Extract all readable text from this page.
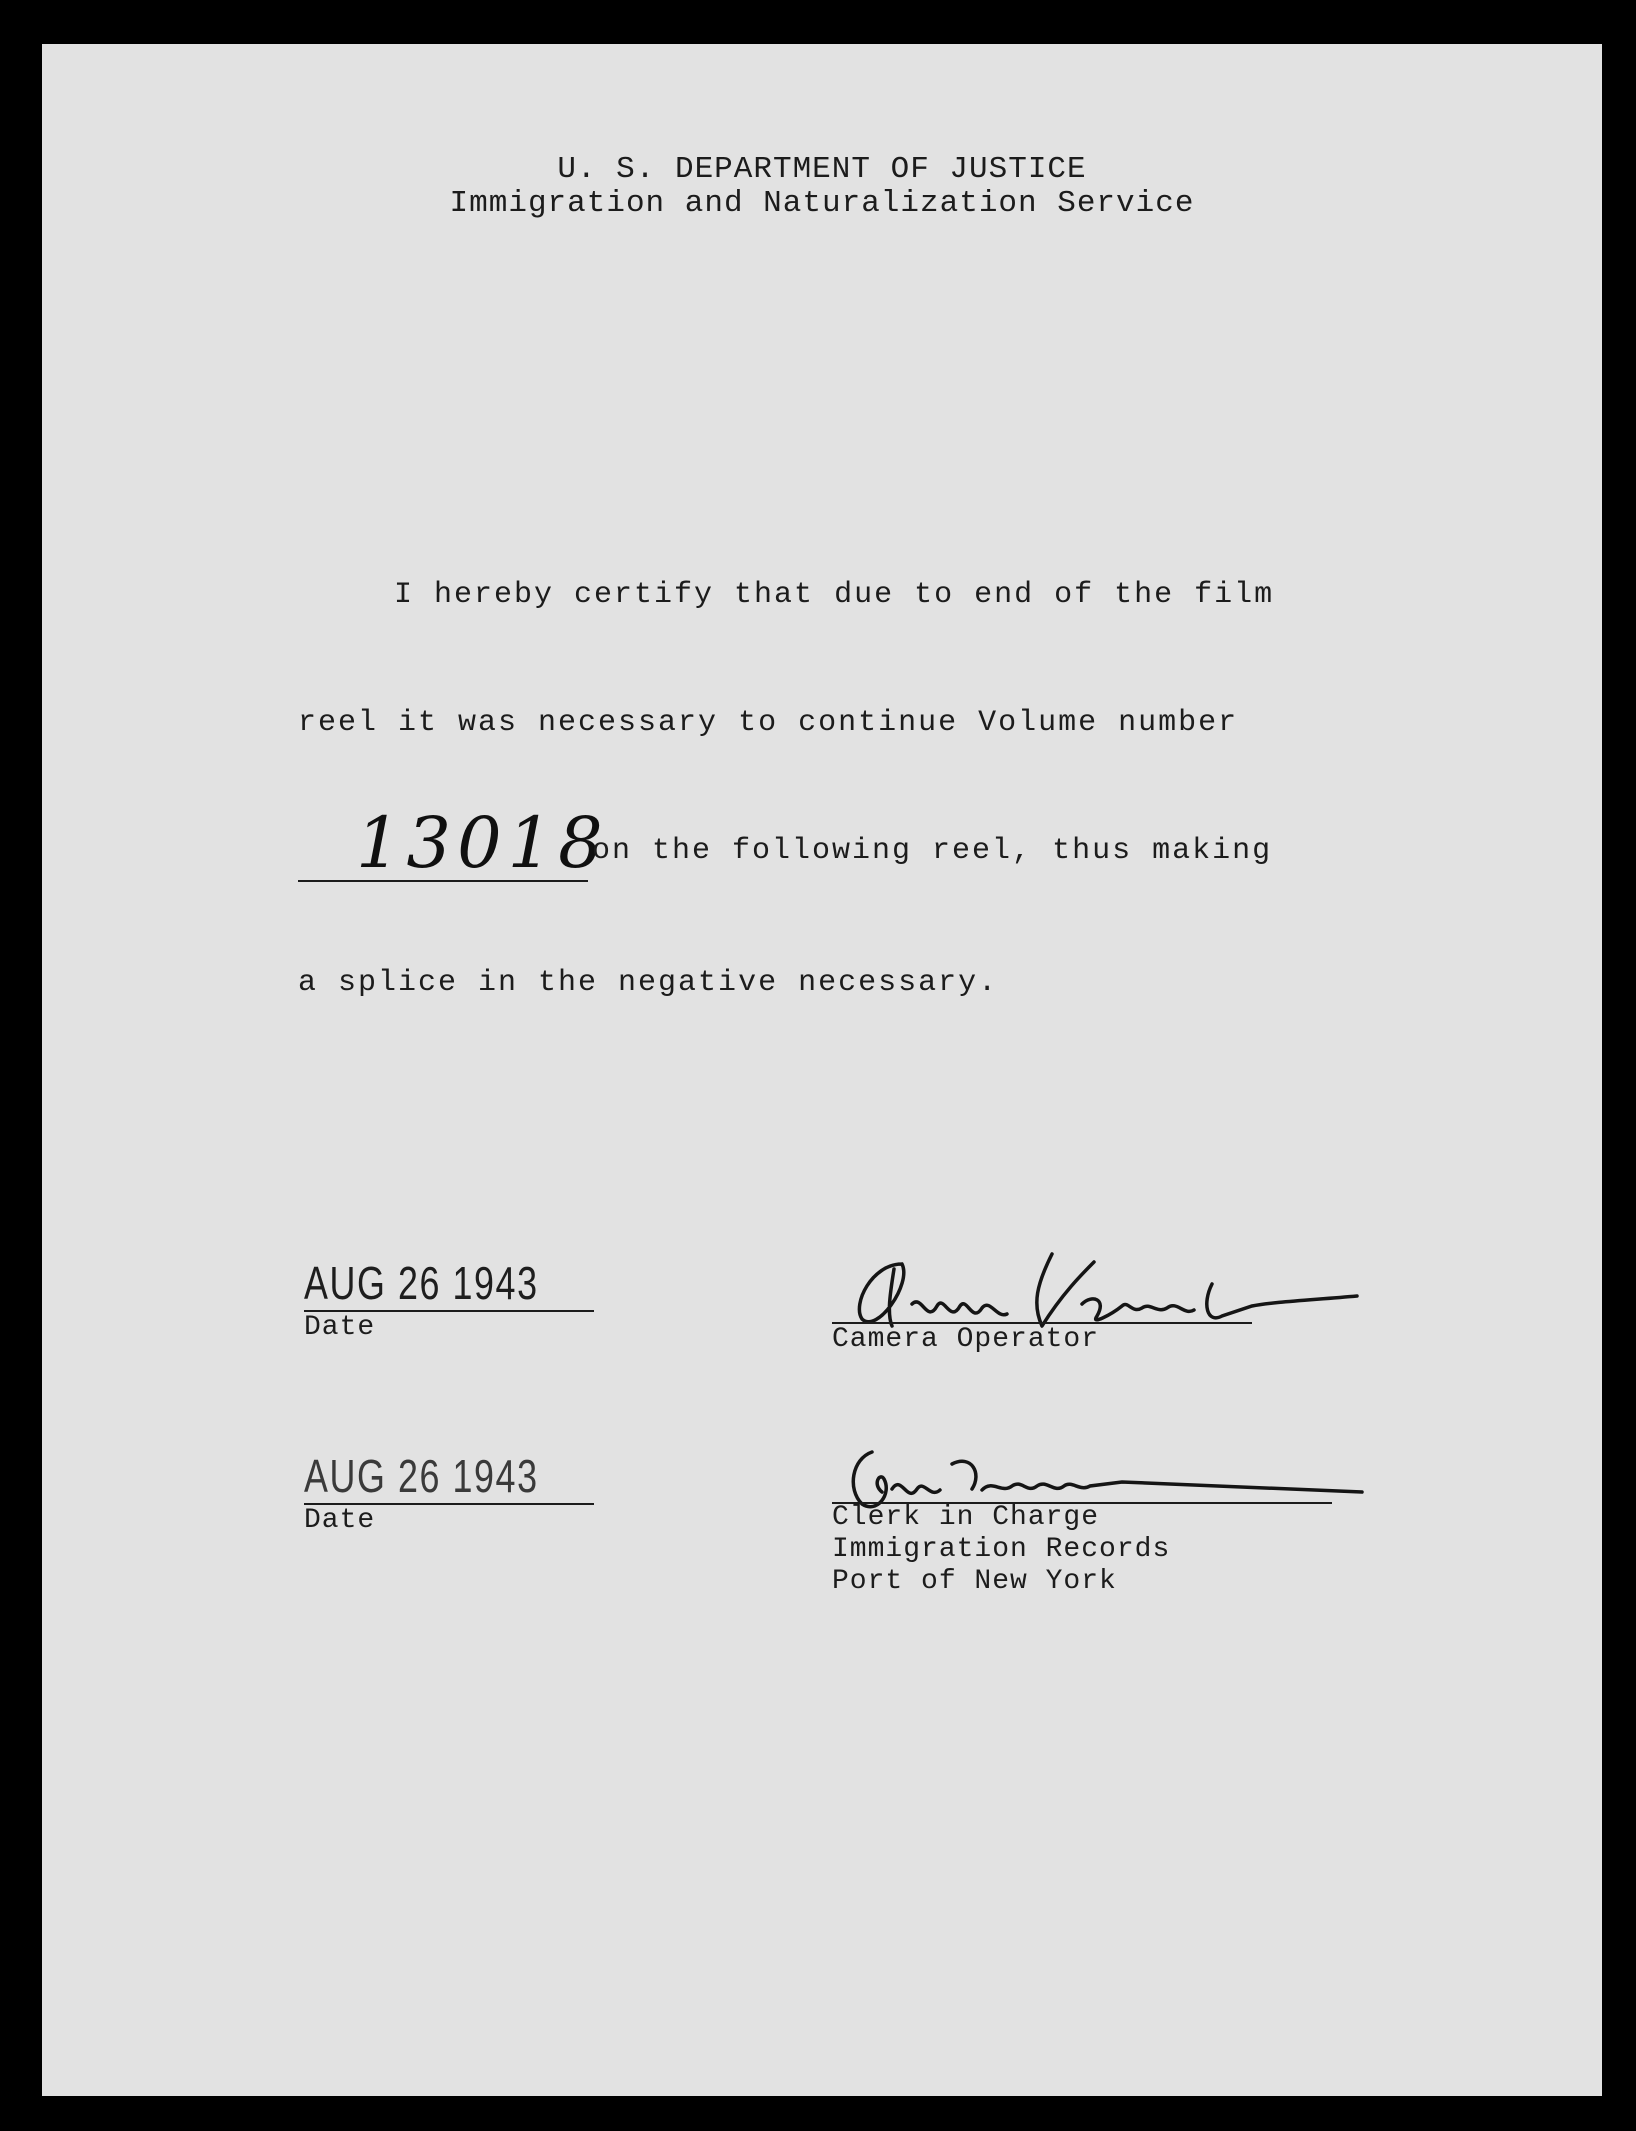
U. S. DEPARTMENT OF JUSTICE
Immigration and Naturalization Service
I hereby certify that due to end of the film
reel it was necessary to continue Volume number
13018
on the following reel, thus making
a splice in the negative necessary.
AUG 26 1943
Date	Camera Operator
AUG 26 1943
Date	Clerk in Charge
Immigration Records
Port of New York
